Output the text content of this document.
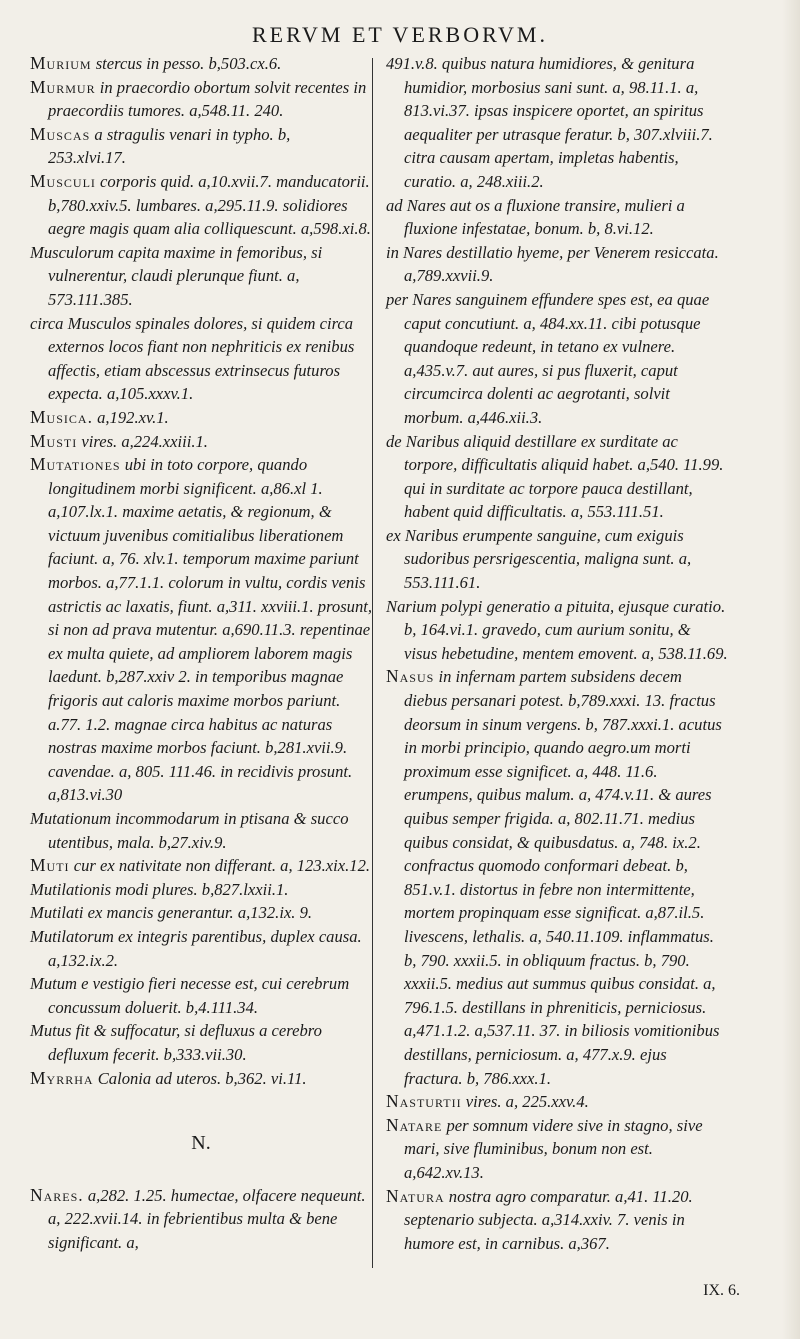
RERVM ET VERBORVM.

Murium stercus in pesso. b,503.cx.6.

Murmur in praecordio obortum solvit recentes in praecordiis tumores. a,548.11. 240.

Muscas a stragulis venari in typho. b, 253.xlvi.17.

Musculi corporis quid. a,10.xvii.7. manducatorii. b,780.xxiv.5. lumbares. a,295.11.9. solidiores aegre magis quam alia colliquescunt. a,598.xi.8.

Musculorum capita maxime in femoribus, si vulnerentur, claudi plerunque fiunt. a, 573.111.385.

circa Musculos spinales dolores, si quidem circa externos locos fiant non nephriticis ex renibus affectis, etiam abscessus extrinsecus futuros expecta. a,105.xxxv.1.

Musica. a,192.xv.1.

Musti vires. a,224.xxiii.1.

Mutationes ubi in toto corpore, quando longitudinem morbi significent. a,86.xl 1. a,107.lx.1. maxime aetatis, & regionum, & victuum juvenibus comitialibus liberationem faciunt. a, 76. xlv.1. temporum maxime pariunt morbos. a,77.1.1. colorum in vultu, cordis venis astrictis ac laxatis, fiunt. a,311. xxviii.1. prosunt, si non ad prava mutentur. a,690.11.3. repentinae ex multa quiete, ad ampliorem laborem magis laedunt. b,287.xxiv 2. in temporibus magnae frigoris aut caloris maxime morbos pariunt. a.77. 1.2. magnae circa habitus ac naturas nostras maxime morbos faciunt. b,281.xvii.9. cavendae. a, 805. 111.46. in recidivis prosunt. a,813.vi.30

Mutationum incommodarum in ptisana & succo utentibus, mala. b,27.xiv.9.

Muti cur ex nativitate non differant. a, 123.xix.12.

Mutilationis modi plures. b,827.lxxii.1.

Mutilati ex mancis generantur. a,132.ix. 9.

Mutilatorum ex integris parentibus, duplex causa. a,132.ix.2.

Mutum e vestigio fieri necesse est, cui cerebrum concussum doluerit. b,4.111.34.

Mutus fit & suffocatur, si defluxus a cerebro defluxum fecerit. b,333.vii.30.

Myrrha Calonia ad uteros. b,362. vi.11.

N.

Nares. a,282. 1.25. humectae, olfacere nequeunt. a, 222.xvii.14. in febrientibus multa & bene significant. a,

491.v.8. quibus natura humidiores, & genitura humidior, morbosius sani sunt. a, 98.11.1. a, 813.vi.37. ipsas inspicere oportet, an spiritus aequaliter per utrasque feratur. b, 307.xlviii.7. citra causam apertam, impletas habentis, curatio. a, 248.xiii.2.

ad Nares aut os a fluxione transire, mulieri a fluxione infestatae, bonum. b, 8.vi.12.

in Nares destillatio hyeme, per Venerem resiccata. a,789.xxvii.9.

per Nares sanguinem effundere spes est, ea quae caput concutiunt. a, 484.xx.11. cibi potusque quandoque redeunt, in tetano ex vulnere. a,435.v.7. aut aures, si pus fluxerit, caput circumcirca dolenti ac aegrotanti, solvit morbum. a,446.xii.3.

de Naribus aliquid destillare ex surditate ac torpore, difficultatis aliquid habet. a,540. 11.99. qui in surditate ac torpore pauca destillant, habent quid difficultatis. a, 553.111.51.

ex Naribus erumpente sanguine, cum exiguis sudoribus persrigescentia, maligna sunt. a, 553.111.61.

Narium polypi generatio a pituita, ejusque curatio. b, 164.vi.1. gravedo, cum aurium sonitu, & visus hebetudine, mentem emovent. a, 538.11.69.

Nasus in infernam partem subsidens decem diebus persanari potest. b,789.xxxi. 13. fractus deorsum in sinum vergens. b, 787.xxxi.1. acutus in morbi principio, quando aegro.um morti proximum esse significet. a, 448. 11.6. erumpens, quibus malum. a, 474.v.11. & aures quibus semper frigida. a, 802.11.71. medius quibus considat, & quibusdatus. a, 748. ix.2. confractus quomodo conformari debeat. b, 851.v.1. distortus in febre non intermittente, mortem propinquam esse significat. a,87.il.5. livescens, lethalis. a, 540.11.109. inflammatus. b, 790. xxxii.5. in obliquum fractus. b, 790. xxxii.5. medius aut summus quibus considat. a, 796.1.5. destillans in phreniticis, perniciosus. a,471.1.2. a,537.11. 37. in biliosis vomitionibus destillans, perniciosum. a, 477.x.9. ejus fractura. b, 786.xxx.1.

Nasturtii vires. a, 225.xxv.4.

Natare per somnum videre sive in stagno, sive mari, sive fluminibus, bonum non est. a,642.xv.13.

Natura nostra agro comparatur. a,41. 11.20. septenario subjecta. a,314.xxiv. 7. venis in humore est, in carnibus. a,367.

IX. 6.
